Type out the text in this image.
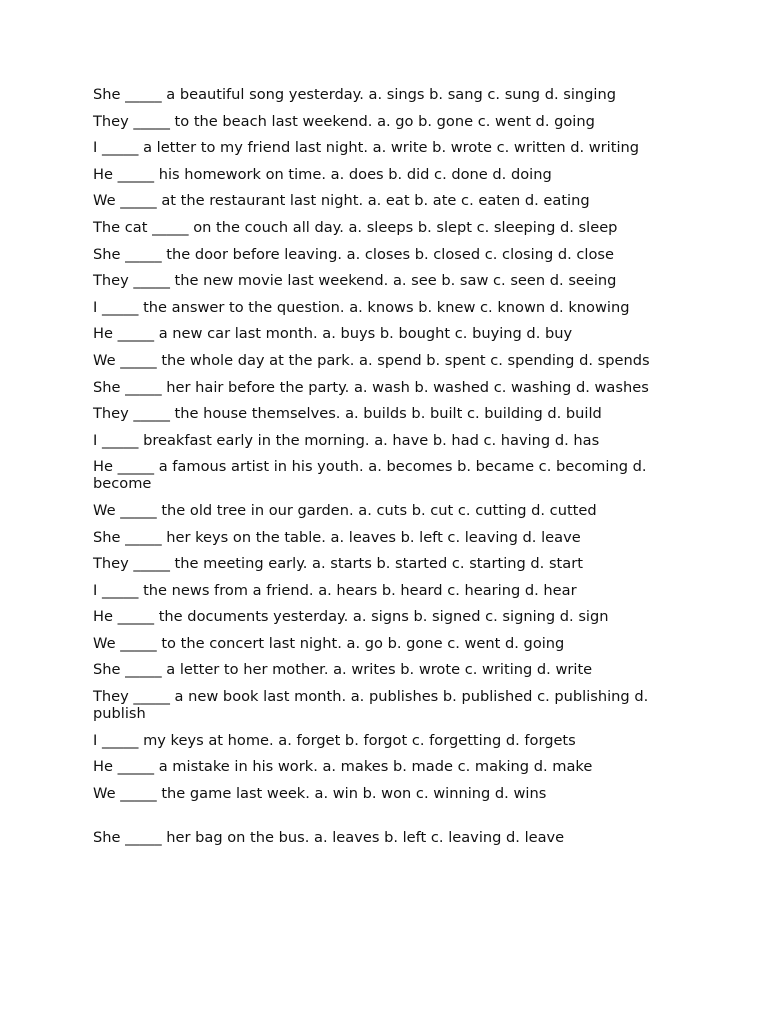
She _____ a beautiful song yesterday. a. sings b. sang c. sung d. singing

They _____ to the beach last weekend. a. go b. gone c. went d. going

I _____ a letter to my friend last night. a. write b. wrote c. written d. writing

He _____ his homework on time. a. does b. did c. done d. doing

We _____ at the restaurant last night. a. eat b. ate c. eaten d. eating

The cat _____ on the couch all day. a. sleeps b. slept c. sleeping d. sleep

She _____ the door before leaving. a. closes b. closed c. closing d. close

They _____ the new movie last weekend. a. see b. saw c. seen d. seeing

I _____ the answer to the question. a. knows b. knew c. known d. knowing

He _____ a new car last month. a. buys b. bought c. buying d. buy

We _____ the whole day at the park. a. spend b. spent c. spending d. spends

She _____ her hair before the party. a. wash b. washed c. washing d. washes

They _____ the house themselves. a. builds b. built c. building d. build

I _____ breakfast early in the morning. a. have b. had c. having d. has

He _____ a famous artist in his youth. a. becomes b. became c. becoming d. become

We _____ the old tree in our garden. a. cuts b. cut c. cutting d. cutted

She _____ her keys on the table. a. leaves b. left c. leaving d. leave

They _____ the meeting early. a. starts b. started c. starting d. start

I _____ the news from a friend. a. hears b. heard c. hearing d. hear

He _____ the documents yesterday. a. signs b. signed c. signing d. sign

We _____ to the concert last night. a. go b. gone c. went d. going

She _____ a letter to her mother. a. writes b. wrote c. writing d. write

They _____ a new book last month. a. publishes b. published c. publishing d. publish

I _____ my keys at home. a. forget b. forgot c. forgetting d. forgets

He _____ a mistake in his work. a. makes b. made c. making d. make

We _____ the game last week. a. win b. won c. winning d. wins

She _____ her bag on the bus. a. leaves b. left c. leaving d. leave
